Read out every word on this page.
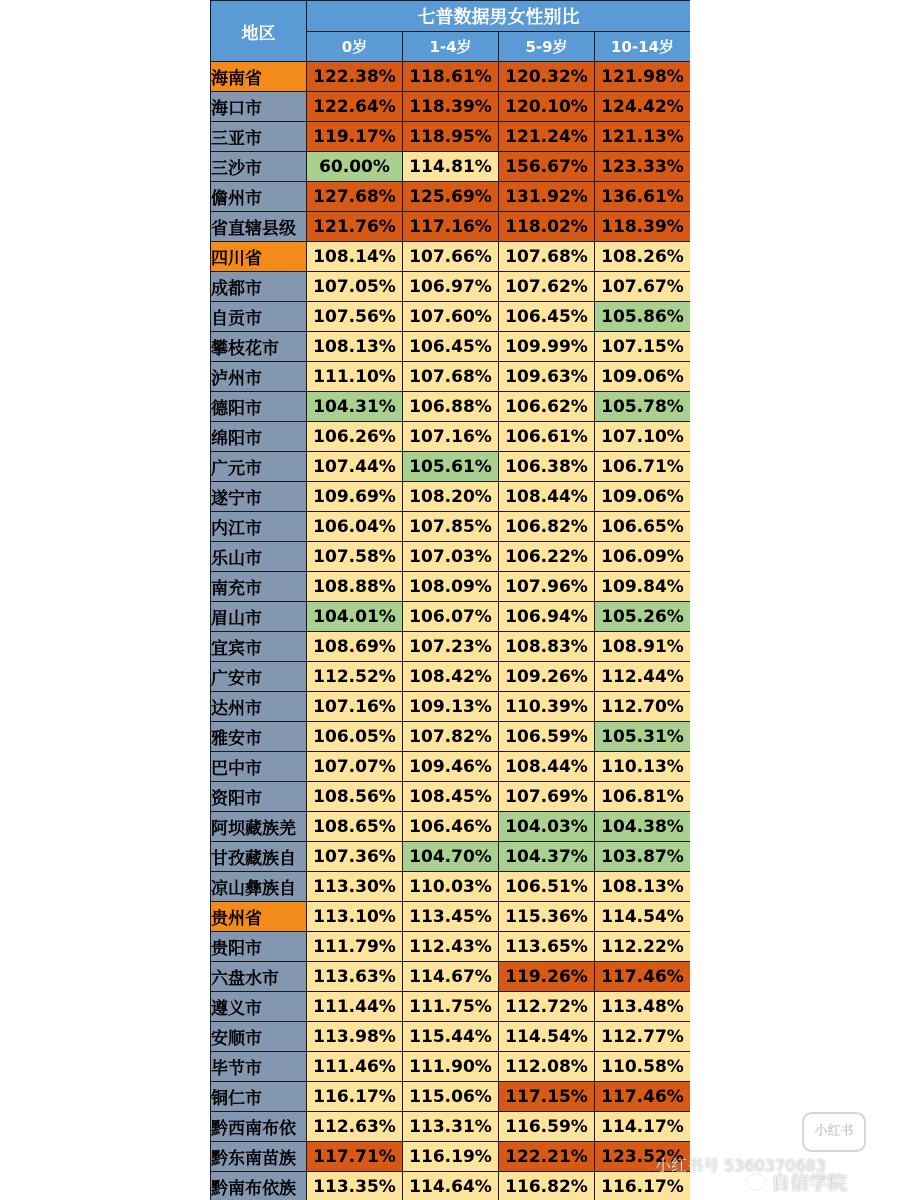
地区	七普数据男女性别比			
	0岁	1-4岁	5-9岁	10-14岁
海南省	122.38%	118.61%	120.32%	121.98%
海口市	122.64%	118.39%	120.10%	124.42%
三亚市	119.17%	118.95%	121.24%	121.13%
三沙市	60.00%	114.81%	156.67%	123.33%
儋州市	127.68%	125.69%	131.92%	136.61%
省直辖县级	121.76%	117.16%	118.02%	118.39%
四川省	108.14%	107.66%	107.68%	108.26%
成都市	107.05%	106.97%	107.62%	107.67%
自贡市	107.56%	107.60%	106.45%	105.86%
攀枝花市	108.13%	106.45%	109.99%	107.15%
泸州市	111.10%	107.68%	109.63%	109.06%
德阳市	104.31%	106.88%	106.62%	105.78%
绵阳市	106.26%	107.16%	106.61%	107.10%
广元市	107.44%	105.61%	106.38%	106.71%
遂宁市	109.69%	108.20%	108.44%	109.06%
内江市	106.04%	107.85%	106.82%	106.65%
乐山市	107.58%	107.03%	106.22%	106.09%
南充市	108.88%	108.09%	107.96%	109.84%
眉山市	104.01%	106.07%	106.94%	105.26%
宜宾市	108.69%	107.23%	108.83%	108.91%
广安市	112.52%	108.42%	109.26%	112.44%
达州市	107.16%	109.13%	110.39%	112.70%
雅安市	106.05%	107.82%	106.59%	105.31%
巴中市	107.07%	109.46%	108.44%	110.13%
资阳市	108.56%	108.45%	107.69%	106.81%
阿坝藏族羌	108.65%	106.46%	104.03%	104.38%
甘孜藏族自	107.36%	104.70%	104.37%	103.87%
凉山彝族自	113.30%	110.03%	106.51%	108.13%
贵州省	113.10%	113.45%	115.36%	114.54%
贵阳市	111.79%	112.43%	113.65%	112.22%
六盘水市	113.63%	114.67%	119.26%	117.46%
遵义市	111.44%	111.75%	112.72%	113.48%
安顺市	113.98%	115.44%	114.54%	112.77%
毕节市	111.46%	111.90%	112.08%	110.58%
铜仁市	116.17%	115.06%	117.15%	117.46%
黔西南布依	112.63%	113.31%	116.59%	114.17%
黔东南苗族	117.71%	116.19%	122.21%	123.52%
黔南布依族	113.35%	114.64%	116.82%	116.17%
小红书
小红书号 5360370683
自信学院
